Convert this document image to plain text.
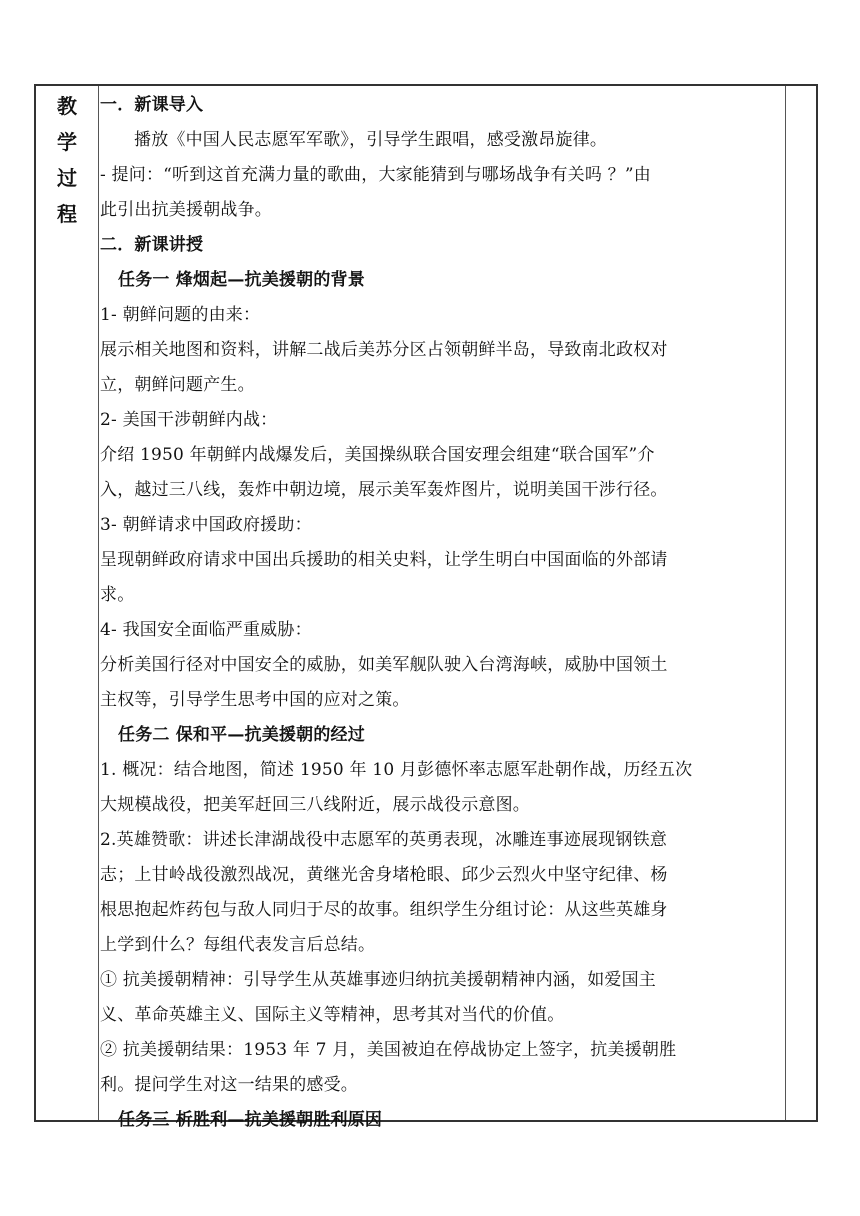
教
学
过
程

一．新课导入

播放《中国人民志愿军军歌》，引导学生跟唱，感受激昂旋律。

- 提问：“听到这首充满力量的歌曲，大家能猜到与哪场战争有关吗 ？”由

此引出抗美援朝战争。

二．新课讲授

任务一 烽烟起—抗美援朝的背景

1- 朝鲜问题的由来：

展示相关地图和资料，讲解二战后美苏分区占领朝鲜半岛，导致南北政权对

立，朝鲜问题产生。

2- 美国干涉朝鲜内战：

介绍 1950 年朝鲜内战爆发后，美国操纵联合国安理会组建“联合国军”介

入，越过三八线，轰炸中朝边境，展示美军轰炸图片，说明美国干涉行径。

3- 朝鲜请求中国政府援助：

呈现朝鲜政府请求中国出兵援助的相关史料，让学生明白中国面临的外部请

求。

4- 我国安全面临严重威胁：

分析美国行径对中国安全的威胁，如美军舰队驶入台湾海峡，威胁中国领土

主权等，引导学生思考中国的应对之策。

任务二 保和平—抗美援朝的经过

1. 概况：结合地图，简述 1950 年 10 月彭德怀率志愿军赴朝作战，历经五次

大规模战役，把美军赶回三八线附近，展示战役示意图。

2.英雄赞歌：讲述长津湖战役中志愿军的英勇表现，冰雕连事迹展现钢铁意

志；上甘岭战役激烈战况，黄继光舍身堵枪眼、邱少云烈火中坚守纪律、杨

根思抱起炸药包与敌人同归于尽的故事。组织学生分组讨论：从这些英雄身

上学到什么？每组代表发言后总结。

① 抗美援朝精神：引导学生从英雄事迹归纳抗美援朝精神内涵，如爱国主

义、革命英雄主义、国际主义等精神，思考其对当代的价值。

② 抗美援朝结果：1953 年 7 月，美国被迫在停战协定上签字，抗美援朝胜

利。提问学生对这一结果的感受。

任务三 析胜利—抗美援朝胜利原因
